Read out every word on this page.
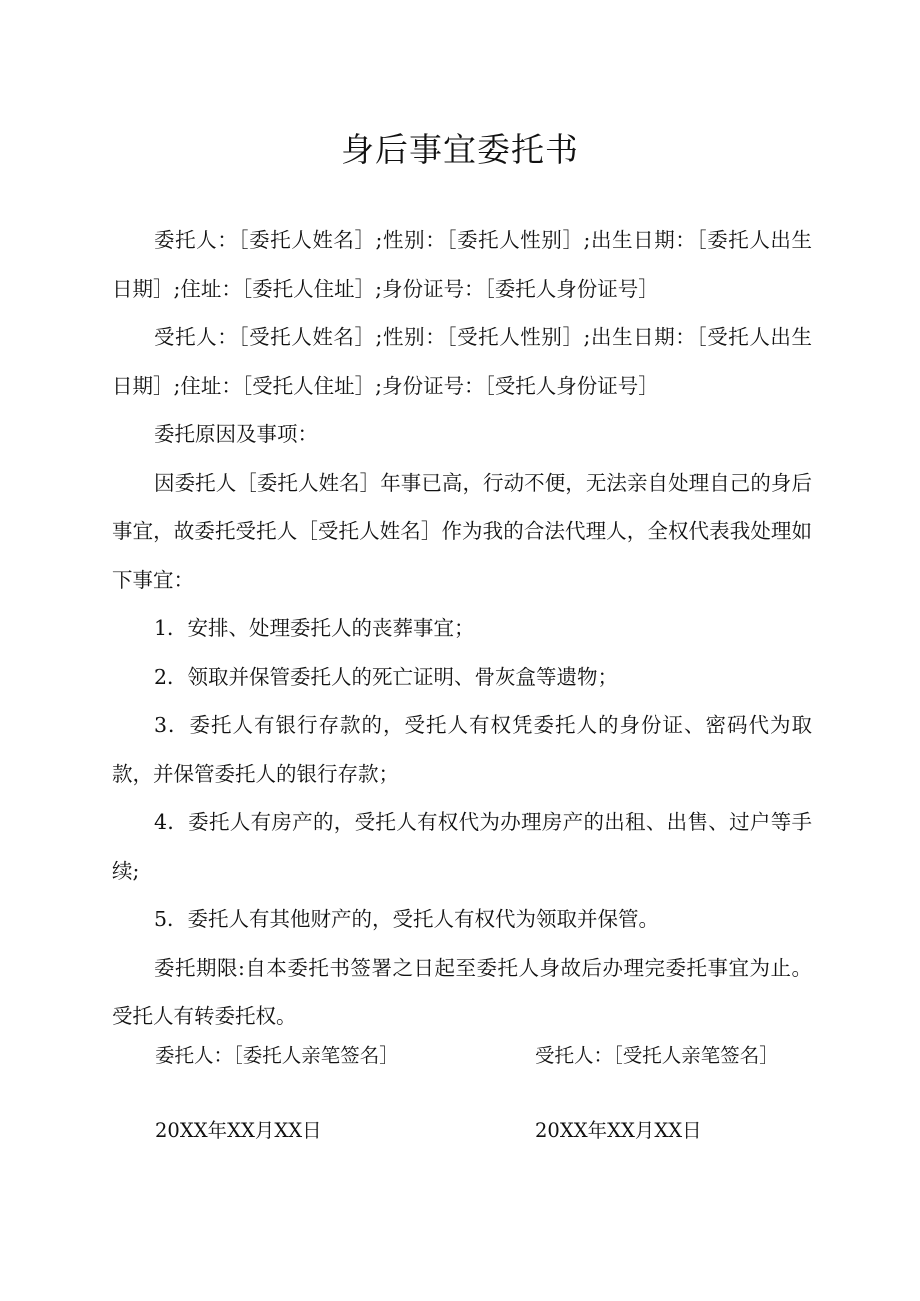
身后事宜委托书

委托人：［委托人姓名］;性别：［委托人性别］;出生日期：［委托人出生日期］;住址：［委托人住址］;身份证号：［委托人身份证号］

受托人：［受托人姓名］;性别：［受托人性别］;出生日期：［受托人出生日期］;住址：［受托人住址］;身份证号：［受托人身份证号］

委托原因及事项：

因委托人［委托人姓名］年事已高，行动不便，无法亲自处理自己的身后事宜，故委托受托人［受托人姓名］作为我的合法代理人，全权代表我处理如下事宜：

1．安排、处理委托人的丧葬事宜；

2．领取并保管委托人的死亡证明、骨灰盒等遗物；

3．委托人有银行存款的，受托人有权凭委托人的身份证、密码代为取款，并保管委托人的银行存款；

4．委托人有房产的，受托人有权代为办理房产的出租、出售、过户等手续;

5．委托人有其他财产的，受托人有权代为领取并保管。

委托期限:自本委托书签署之日起至委托人身故后办理完委托事宜为止。受托人有转委托权。

委托人：［委托人亲笔签名］	受托人：［受托人亲笔签名］
20XX年XX月XX日	20XX年XX月XX日
